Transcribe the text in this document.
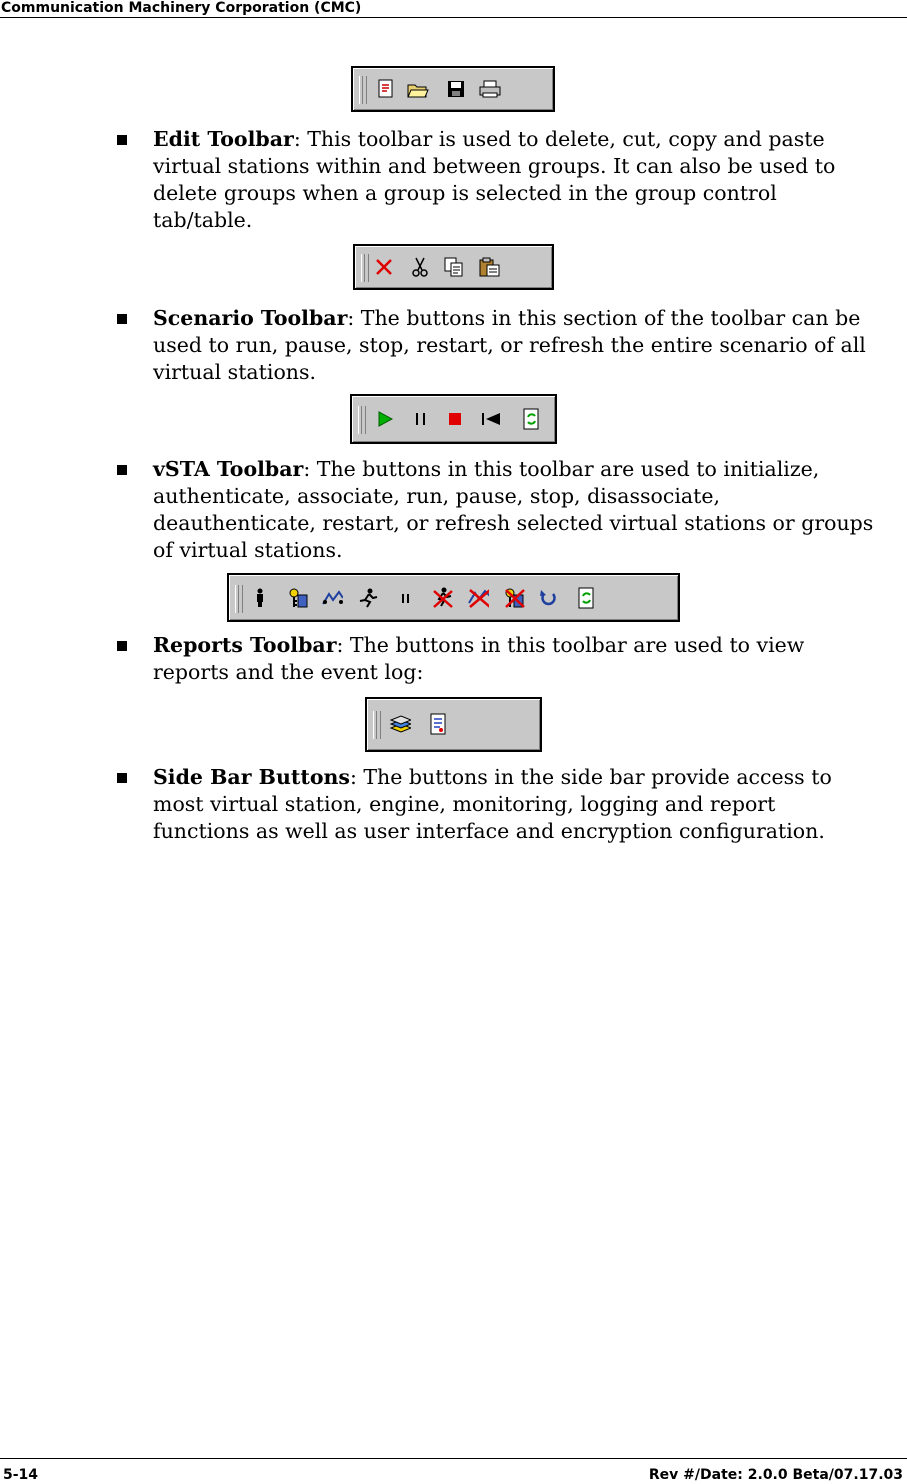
Communication Machinery Corporation (CMC)
Edit Toolbar: This toolbar is used to delete, cut, copy and paste virtual stations within and between groups. It can also be used to delete groups when a group is selected in the group control tab/table.
Scenario Toolbar: The buttons in this section of the toolbar can be used to run, pause, stop, restart, or refresh the entire scenario of all virtual stations.
vSTA Toolbar: The buttons in this toolbar are used to initialize, authenticate, associate, run, pause, stop, disassociate, deauthenticate, restart, or refresh selected virtual stations or groups of virtual stations.
Reports Toolbar: The buttons in this toolbar are used to view reports and the event log:
Side Bar Buttons: The buttons in the side bar provide access to most virtual station, engine, monitoring, logging and report functions as well as user interface and encryption configuration.
5-14	Rev #/Date: 2.0.0 Beta/07.17.03
